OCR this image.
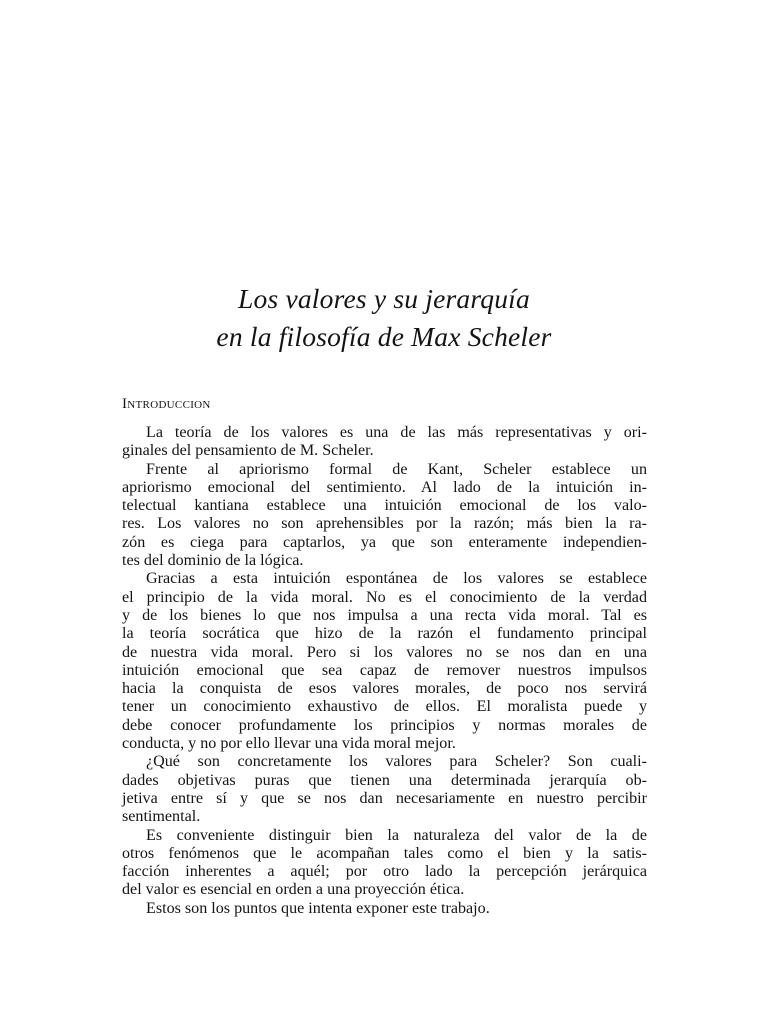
Los valores y su jerarquía
en la filosofía de Max Scheler
Introduccion
La teoría de los valores es una de las más representativas y ori-
ginales del pensamiento de M. Scheler.
Frente al apriorismo formal de Kant, Scheler establece un
apriorismo emocional del sentimiento. Al lado de la intuición in-
telectual kantiana establece una intuición emocional de los valo-
res. Los valores no son aprehensibles por la razón; más bien la ra-
zón es ciega para captarlos, ya que son enteramente independien-
tes del dominio de la lógica.
Gracias a esta intuición espontánea de los valores se establece
el principio de la vida moral. No es el conocimiento de la verdad
y de los bienes lo que nos impulsa a una recta vida moral. Tal es
la teoría socrática que hizo de la razón el fundamento principal
de nuestra vida moral. Pero si los valores no se nos dan en una
intuición emocional que sea capaz de remover nuestros impulsos
hacia la conquista de esos valores morales, de poco nos servirá
tener un conocimiento exhaustivo de ellos. El moralista puede y
debe conocer profundamente los principios y normas morales de
conducta, y no por ello llevar una vida moral mejor.
¿Qué son concretamente los valores para Scheler? Son cuali-
dades objetivas puras que tienen una determinada jerarquía ob-
jetiva entre sí y que se nos dan necesariamente en nuestro percibir
sentimental.
Es conveniente distinguir bien la naturaleza del valor de la de
otros fenómenos que le acompañan tales como el bien y la satis-
facción inherentes a aquél; por otro lado la percepción jerárquica
del valor es esencial en orden a una proyección ética.
Estos son los puntos que intenta exponer este trabajo.
